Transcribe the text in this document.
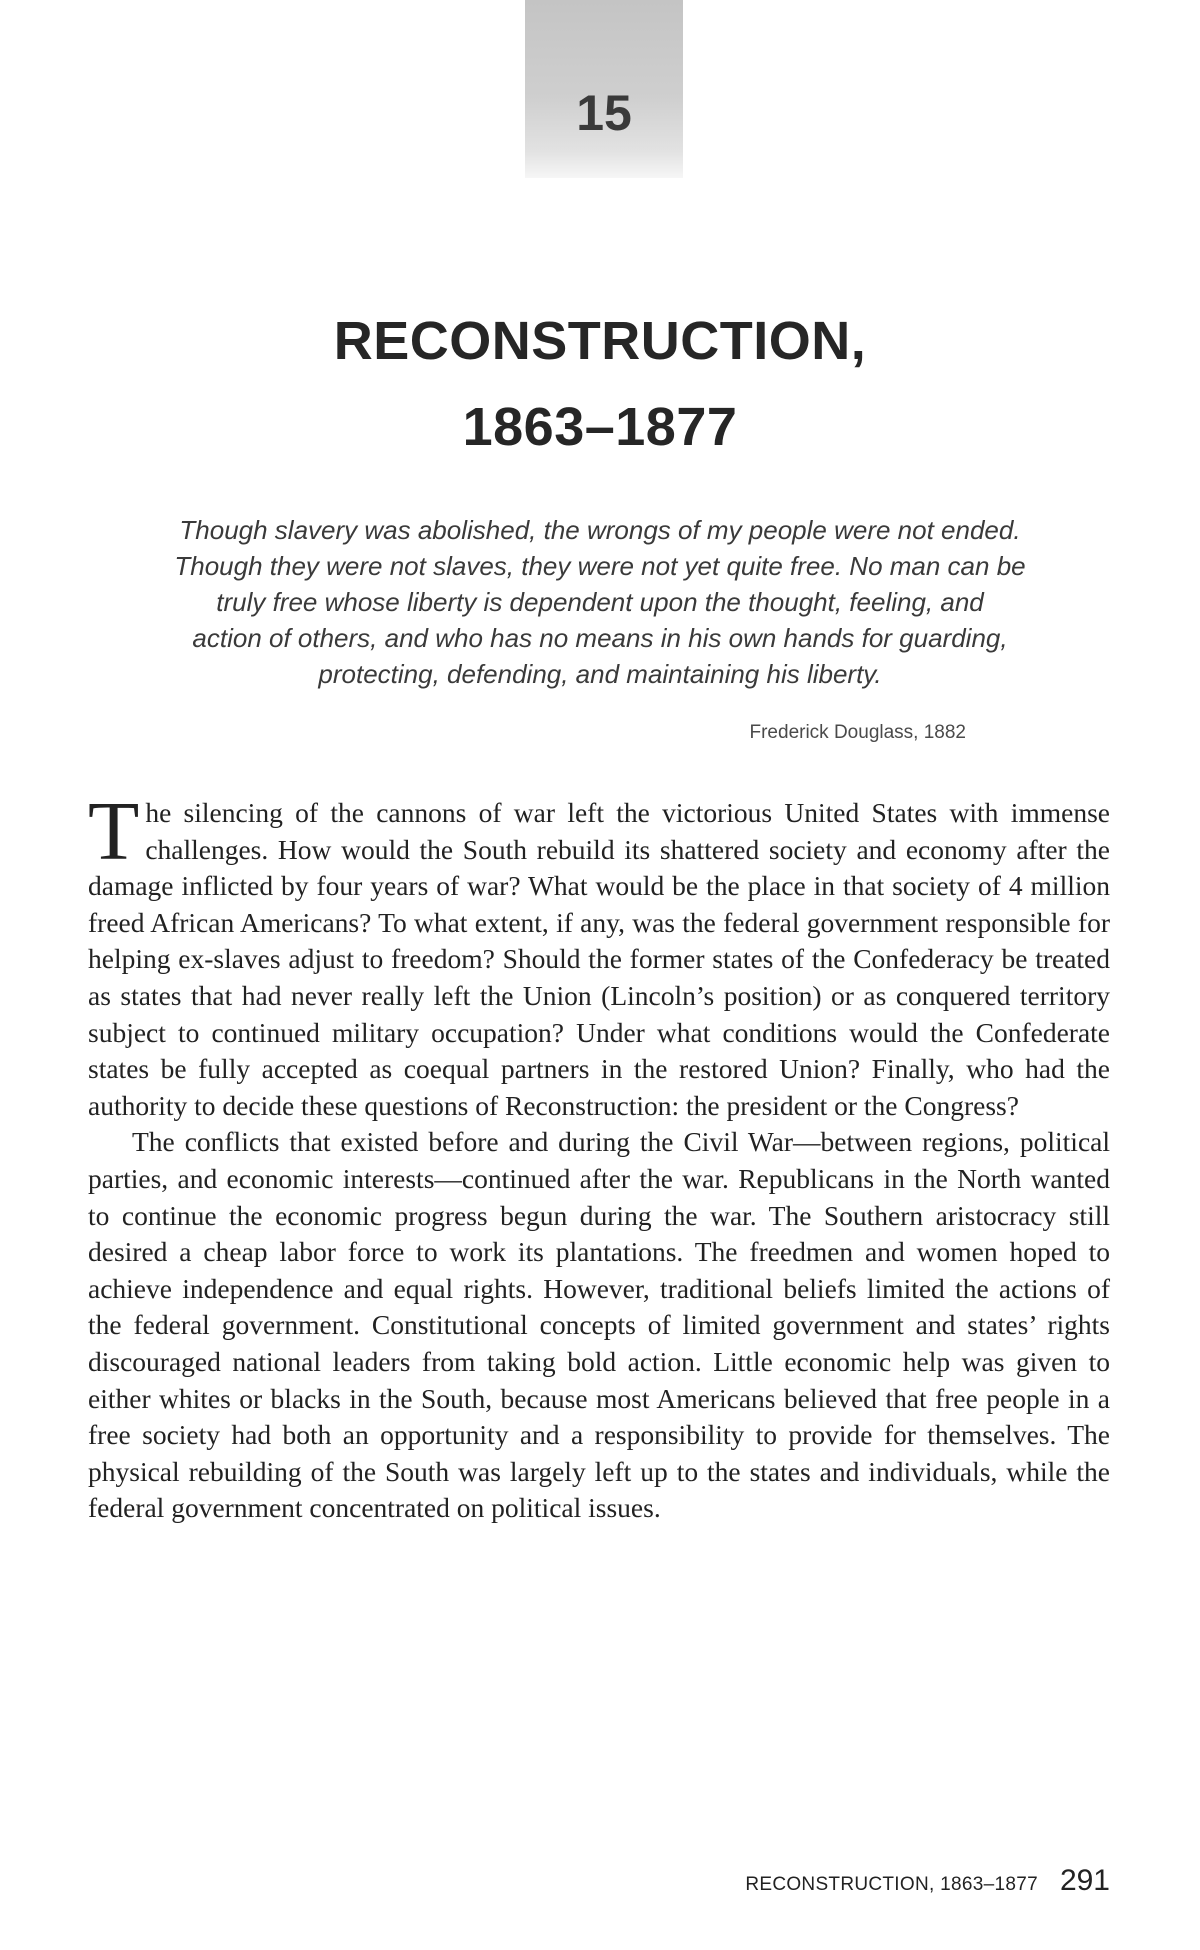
15
RECONSTRUCTION,
1863–1877
Though slavery was abolished, the wrongs of my people were not ended.
Though they were not slaves, they were not yet quite free. No man can be
truly free whose liberty is dependent upon the thought, feeling, and
action of others, and who has no means in his own hands for guarding,
protecting, defending, and maintaining his liberty.
Frederick Douglass, 1882

The silencing of the cannons of war left the victorious United States with immense challenges. How would the South rebuild its shattered society and economy after the damage inflicted by four years of war? What would be the place in that society of 4 million freed African Americans? To what extent, if any, was the federal government responsible for helping ex-slaves adjust to freedom? Should the former states of the Confederacy be treated as states that had never really left the Union (Lincoln’s position) or as conquered territory subject to continued military occupation? Under what conditions would the Confederate states be fully accepted as coequal partners in the restored Union? Finally, who had the authority to decide these questions of Reconstruction: the president or the Congress?

The conflicts that existed before and during the Civil War—between regions, political parties, and economic interests—continued after the war. Republicans in the North wanted to continue the economic progress begun during the war. The Southern aristocracy still desired a cheap labor force to work its plantations. The freedmen and women hoped to achieve independence and equal rights. However, traditional beliefs limited the actions of the federal government. Constitutional concepts of limited government and states’ rights discouraged national leaders from taking bold action. Little economic help was given to either whites or blacks in the South, because most Americans believed that free people in a free society had both an opportunity and a responsibility to provide for themselves. The physical rebuilding of the South was largely left up to the states and individuals, while the federal government concentrated on political issues.

RECONSTRUCTION, 1863–1877 291
